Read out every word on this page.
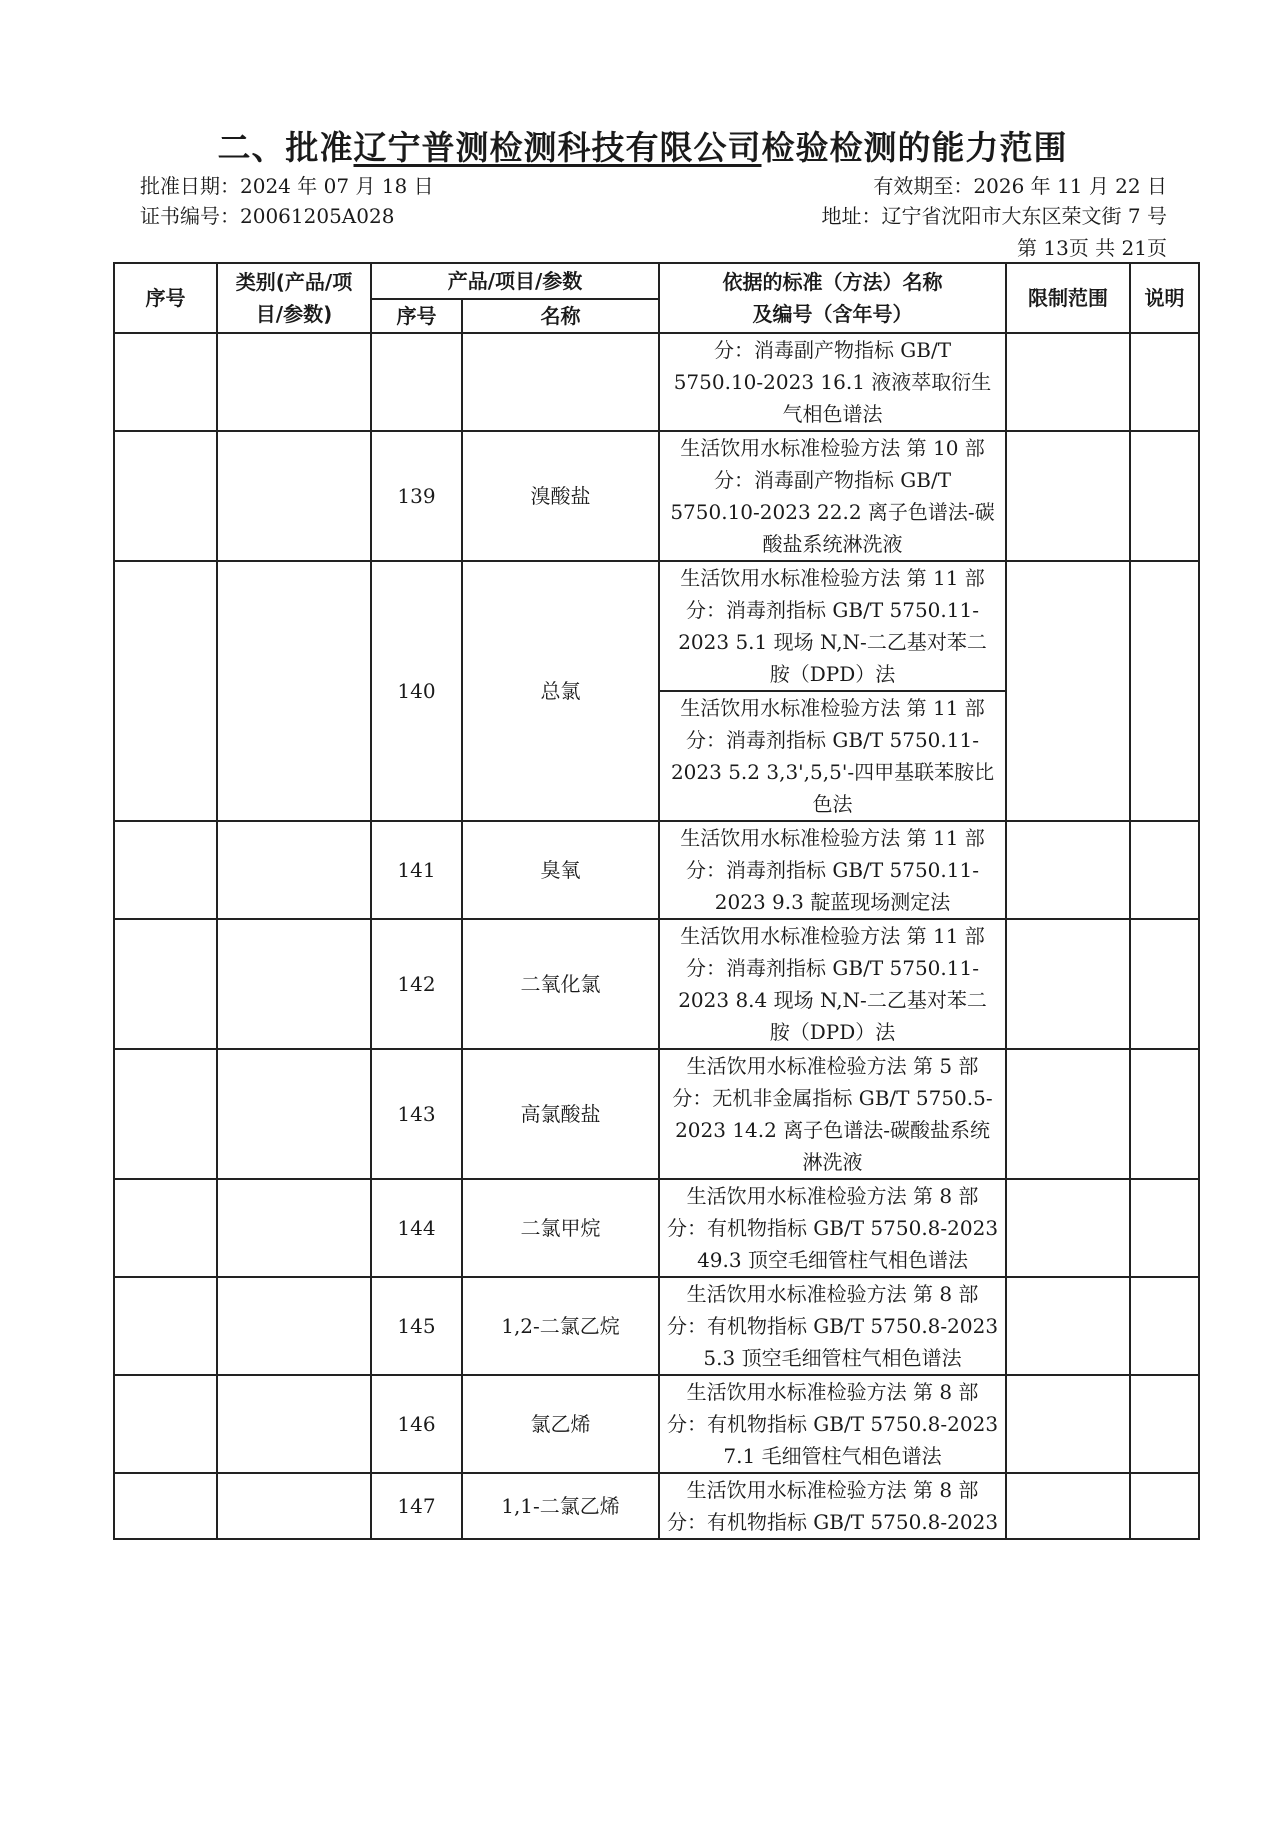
二、批准辽宁普测检测科技有限公司检验检测的能力范围
批准日期：2024 年 07 月 18 日
证书编号：20061205A028
有效期至：2026 年 11 月 22 日
地址：辽宁省沈阳市大东区荣文街 7 号
第 13页 共 21页
序号	类别(产品/项
目/参数)	产品/项目/参数		依据的标准（方法）名称
及编号（含年号）	限制范围	说明
		序号	名称			

				分：消毒副产物指标 GB/T
5750.10-2023 16.1 液液萃取衍生
气相色谱法		

		139	溴酸盐	生活饮用水标准检验方法 第 10 部
分：消毒副产物指标 GB/T
5750.10-2023 22.2 离子色谱法-碳
酸盐系统淋洗液		

		140	总氯	生活饮用水标准检验方法 第 11 部
分：消毒剂指标 GB/T 5750.11-
2023 5.1 现场 N,N-二乙基对苯二
胺（DPD）法		

				生活饮用水标准检验方法 第 11 部
分：消毒剂指标 GB/T 5750.11-
2023 5.2 3,3',5,5'-四甲基联苯胺比
色法		

		141	臭氧	生活饮用水标准检验方法 第 11 部
分：消毒剂指标 GB/T 5750.11-
2023 9.3 靛蓝现场测定法		

		142	二氧化氯	生活饮用水标准检验方法 第 11 部
分：消毒剂指标 GB/T 5750.11-
2023 8.4 现场 N,N-二乙基对苯二
胺（DPD）法		

		143	高氯酸盐	生活饮用水标准检验方法 第 5 部
分：无机非金属指标 GB/T 5750.5-
2023 14.2 离子色谱法-碳酸盐系统
淋洗液		

		144	二氯甲烷	生活饮用水标准检验方法 第 8 部
分：有机物指标 GB/T 5750.8-2023
49.3 顶空毛细管柱气相色谱法		

		145	1,2-二氯乙烷	生活饮用水标准检验方法 第 8 部
分：有机物指标 GB/T 5750.8-2023
5.3 顶空毛细管柱气相色谱法		

		146	氯乙烯	生活饮用水标准检验方法 第 8 部
分：有机物指标 GB/T 5750.8-2023
7.1 毛细管柱气相色谱法		

		147	1,1-二氯乙烯	生活饮用水标准检验方法 第 8 部
分：有机物指标 GB/T 5750.8-2023		
